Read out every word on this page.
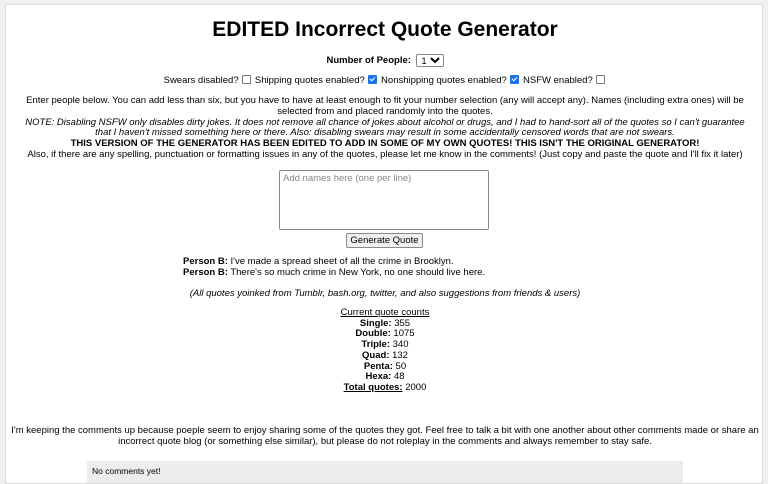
EDITED Incorrect Quote Generator
Number of People:
1
Swears disabled? Shipping quotes enabled? Nonshipping quotes enabled? NSFW enabled?
Enter people below. You can add less than six, but you have to have at least enough to fit your number selection (any will accept any). Names (including extra ones) will be selected from and placed randomly into the quotes.
NOTE: Disabling NSFW only disables dirty jokes. It does not remove all chance of jokes about alcohol or drugs, and I had to hand-sort all of the quotes so I can't guarantee that I haven't missed something here or there. Also: disabling swears may result in some accidentally censored words that are not swears.
THIS VERSION OF THE GENERATOR HAS BEEN EDITED TO ADD IN SOME OF MY OWN QUOTES! THIS ISN'T THE ORIGINAL GENERATOR!
Also, if there are any spelling, punctuation or formatting issues in any of the quotes, please let me know in the comments! (Just copy and paste the quote and I'll fix it later)
Add names here (one per line)
Generate Quote
Person B: I've made a spread sheet of all the crime in Brooklyn.
Person B: There's so much crime in New York, no one should live here.
(All quotes yoinked from Tumblr, bash.org, twitter, and also suggestions from friends & users)
Current quote counts
Single: 355
Double: 1075
Triple: 340
Quad: 132
Penta: 50
Hexa: 48
Total quotes: 2000
I'm keeping the comments up because poeple seem to enjoy sharing some of the quotes they got. Feel free to talk a bit with one another about other comments made or share an incorrect quote blog (or something else similar), but please do not roleplay in the comments and always remember to stay safe.
No comments yet!
